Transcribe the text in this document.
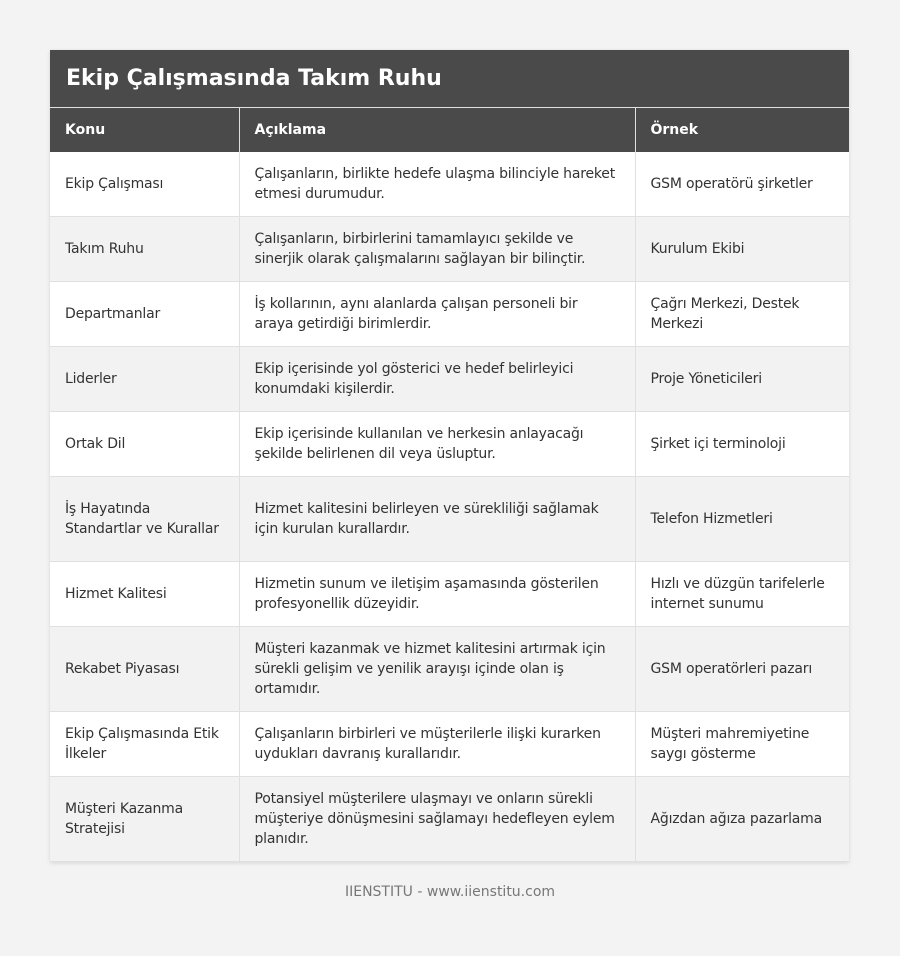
Ekip Çalışmasında Takım Ruhu
Konu	Açıklama	Örnek
Ekip Çalışması	Çalışanların, birlikte hedefe ulaşma bilinciyle hareket etmesi durumudur.	GSM operatörü şirketler
Takım Ruhu	Çalışanların, birbirlerini tamamlayıcı şekilde ve sinerjik olarak çalışmalarını sağlayan bir bilinçtir.	Kurulum Ekibi
Departmanlar	İş kollarının, aynı alanlarda çalışan personeli bir araya getirdiği birimlerdir.	Çağrı Merkezi, Destek Merkezi
Liderler	Ekip içerisinde yol gösterici ve hedef belirleyici konumdaki kişilerdir.	Proje Yöneticileri
Ortak Dil	Ekip içerisinde kullanılan ve herkesin anlayacağı şekilde belirlenen dil veya üsluptur.	Şirket içi terminoloji
İş Hayatında Standartlar ve Kurallar	Hizmet kalitesini belirleyen ve sürekliliği sağlamak için kurulan kurallardır.	Telefon Hizmetleri
Hizmet Kalitesi	Hizmetin sunum ve iletişim aşamasında gösterilen profesyonellik düzeyidir.	Hızlı ve düzgün tarifelerle internet sunumu
Rekabet Piyasası	Müşteri kazanmak ve hizmet kalitesini artırmak için sürekli gelişim ve yenilik arayışı içinde olan iş ortamıdır.	GSM operatörleri pazarı
Ekip Çalışmasında Etik İlkeler	Çalışanların birbirleri ve müşterilerle ilişki kurarken uydukları davranış kurallarıdır.	Müşteri mahremiyetine saygı gösterme
Müşteri Kazanma Stratejisi	Potansiyel müşterilere ulaşmayı ve onların sürekli müşteriye dönüşmesini sağlamayı hedefleyen eylem planıdır.	Ağızdan ağıza pazarlama
IIENSTITU - www.iienstitu.com
